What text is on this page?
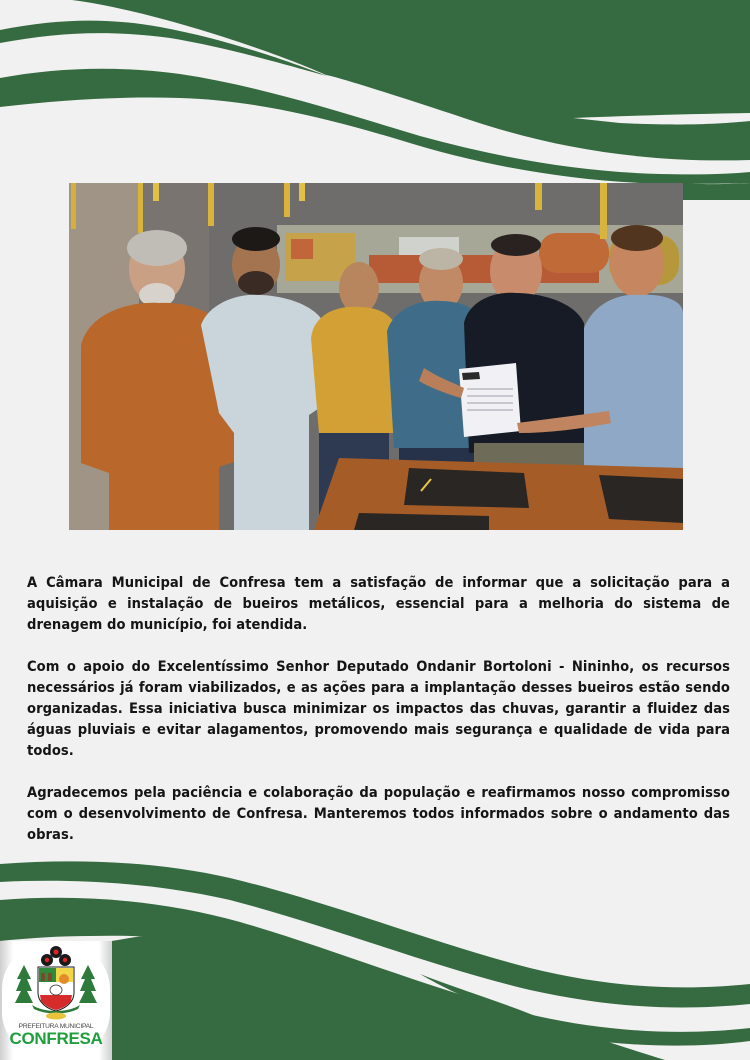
A Câmara Municipal de Confresa tem a satisfação de informar que a solicitação para a aquisição e instalação de bueiros metálicos, essencial para a melhoria do sistema de drenagem do município, foi atendida.

Com o apoio do Excelentíssimo Senhor Deputado Ondanir Bortoloni - Nininho, os recursos necessários já foram viabilizados, e as ações para a implantação desses bueiros estão sendo organizadas. Essa iniciativa busca minimizar os impactos das chuvas, garantir a fluidez das águas pluviais e evitar alagamentos, promovendo mais segurança e qualidade de vida para todos.

Agradecemos pela paciência e colaboração da população e reafirmamos nosso compromisso com o desenvolvimento de Confresa. Manteremos todos informados sobre o andamento das obras.

PREFEITURA MUNICIPAL
CONFRESA
